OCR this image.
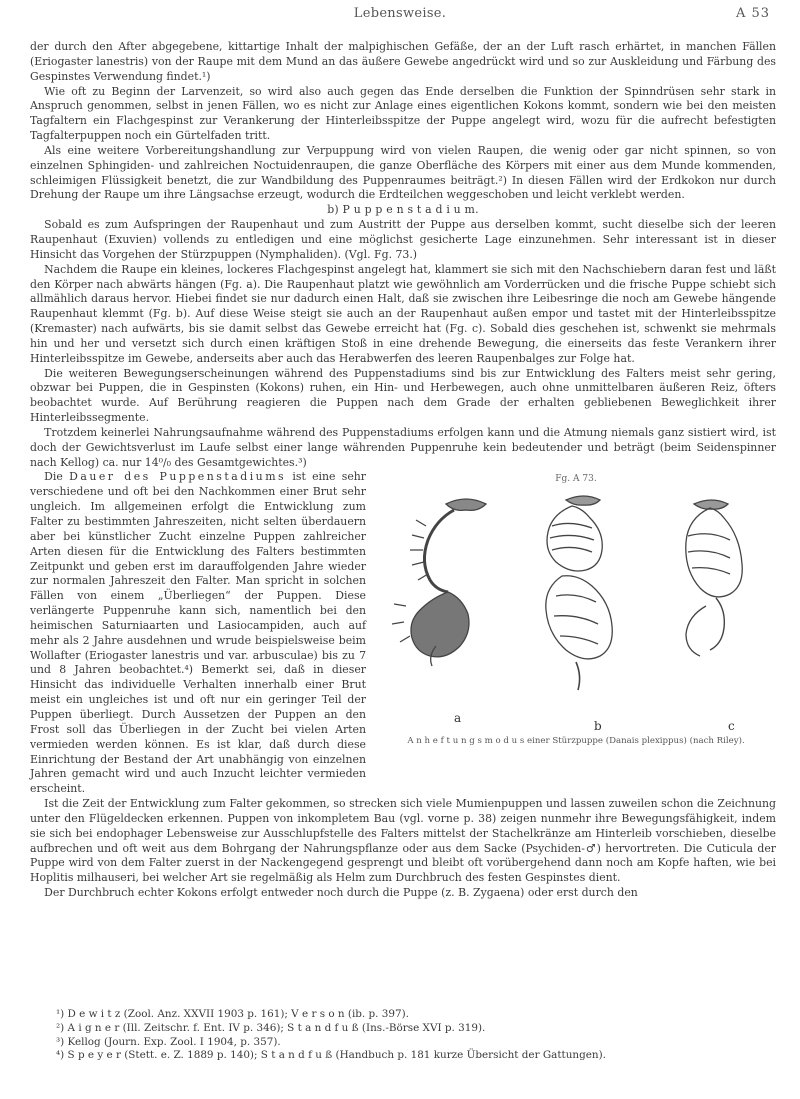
Lebensweise.	A 53

der durch den After abgegebene, kittartige Inhalt der malpighischen Gefäße, der an der Luft rasch erhärtet, in manchen Fällen (Eriogaster lanestris) von der Raupe mit dem Mund an das äußere Gewebe angedrückt wird und so zur Auskleidung und Färbung des Gespinstes Verwendung findet.¹)

Wie oft zu Beginn der Larvenzeit, so wird also auch gegen das Ende derselben die Funktion der Spinndrüsen sehr stark in Anspruch genommen, selbst in jenen Fällen, wo es nicht zur Anlage eines eigentlichen Kokons kommt, sondern wie bei den meisten Tagfaltern ein Flachgespinst zur Verankerung der Hinterleibsspitze der Puppe angelegt wird, wozu für die aufrecht befestigten Tagfalterpuppen noch ein Gürtelfaden tritt.

Als eine weitere Vorbereitungshandlung zur Verpuppung wird von vielen Raupen, die wenig oder gar nicht spinnen, so von einzelnen Sphingiden- und zahlreichen Noctuidenraupen, die ganze Oberfläche des Körpers mit einer aus dem Munde kommenden, schleimigen Flüssigkeit benetzt, die zur Wandbildung des Puppenraumes beiträgt.²) In diesen Fällen wird der Erdkokon nur durch Drehung der Raupe um ihre Längsachse erzeugt, wodurch die Erdteilchen weggeschoben und leicht verklebt werden.

b) P u p p e n s t a d i u m.

Sobald es zum Aufspringen der Raupenhaut und zum Austritt der Puppe aus derselben kommt, sucht dieselbe sich der leeren Raupenhaut (Exuvien) vollends zu entledigen und eine möglichst gesicherte Lage einzunehmen. Sehr interessant ist in dieser Hinsicht das Vorgehen der Stürzpuppen (Nymphaliden). (Vgl. Fg. 73.)

Nachdem die Raupe ein kleines, lockeres Flachgespinst angelegt hat, klammert sie sich mit den Nachschiebern daran fest und läßt den Körper nach abwärts hängen (Fg. a). Die Raupenhaut platzt wie gewöhnlich am Vorderrücken und die frische Puppe schiebt sich allmählich daraus hervor. Hiebei findet sie nur dadurch einen Halt, daß sie zwischen ihre Leibesringe die noch am Gewebe hängende Raupenhaut klemmt (Fg. b). Auf diese Weise steigt sie auch an der Raupenhaut außen empor und tastet mit der Hinterleibsspitze (Kremaster) nach aufwärts, bis sie damit selbst das Gewebe erreicht hat (Fg. c). Sobald dies geschehen ist, schwenkt sie mehrmals hin und her und versetzt sich durch einen kräftigen Stoß in eine drehende Bewegung, die einerseits das feste Verankern ihrer Hinterleibsspitze im Gewebe, anderseits aber auch das Herabwerfen des leeren Raupenbalges zur Folge hat.

Die weiteren Bewegungserscheinungen während des Puppenstadiums sind bis zur Entwicklung des Falters meist sehr gering, obzwar bei Puppen, die in Gespinsten (Kokons) ruhen, ein Hin- und Herbewegen, auch ohne unmittelbaren äußeren Reiz, öfters beobachtet wurde. Auf Berührung reagieren die Puppen nach dem Grade der erhalten gebliebenen Beweglichkeit ihrer Hinterleibssegmente.

Trotzdem keinerlei Nahrungsaufnahme während des Puppenstadiums erfolgen kann und die Atmung niemals ganz sistiert wird, ist doch der Gewichtsverlust im Laufe selbst einer lange währenden Puppenruhe kein bedeutender und beträgt (beim Seidenspinner nach Kellog) ca. nur 14⁰/₀ des Gesamtgewichtes.³)

Fg. A 73.
a
b	c
A n h e f t u n g s m o d u s einer Stürzpuppe (Danais plexippus) (nach Riley).

Die Dauer des Puppenstadiums ist eine sehr verschiedene und oft bei den Nachkommen einer Brut sehr ungleich. Im allgemeinen erfolgt die Entwicklung zum Falter zu bestimmten Jahreszeiten, nicht selten überdauern aber bei künstlicher Zucht einzelne Puppen zahlreicher Arten diesen für die Entwicklung des Falters bestimmten Zeitpunkt und geben erst im darauffolgenden Jahre wieder zur normalen Jahreszeit den Falter. Man spricht in solchen Fällen von einem „Überliegen“ der Puppen. Diese verlängerte Puppenruhe kann sich, namentlich bei den heimischen Saturniaarten und Lasiocampiden, auch auf mehr als 2 Jahre ausdehnen und wrude beispielsweise beim Wollafter (Eriogaster lanestris und var. arbusculae) bis zu 7 und 8 Jahren beobachtet.⁴) Bemerkt sei, daß in dieser Hinsicht das individuelle Verhalten innerhalb einer Brut meist ein ungleiches ist und oft nur ein geringer Teil der Puppen überliegt. Durch Aussetzen der Puppen an den Frost soll das Überliegen in der Zucht bei vielen Arten vermieden werden können. Es ist klar, daß durch diese Einrichtung der Bestand der Art unabhängig von einzelnen Jahren gemacht wird und auch Inzucht leichter vermieden erscheint.

Ist die Zeit der Entwicklung zum Falter gekommen, so strecken sich viele Mumienpuppen und lassen zuweilen schon die Zeichnung unter den Flügeldecken erkennen. Puppen von inkompletem Bau (vgl. vorne p. 38) zeigen nunmehr ihre Bewegungsfähigkeit, indem sie sich bei endophager Lebensweise zur Ausschlupfstelle des Falters mittelst der Stachelkränze am Hinterleib vorschieben, dieselbe aufbrechen und oft weit aus dem Bohrgang der Nahrungspflanze oder aus dem Sacke (Psychiden-♂) hervortreten. Die Cuticula der Puppe wird von dem Falter zuerst in der Nackengegend gesprengt und bleibt oft vorübergehend dann noch am Kopfe haften, wie bei Hoplitis milhauseri, bei welcher Art sie regelmäßig als Helm zum Durchbruch des festen Gespinstes dient.

Der Durchbruch echter Kokons erfolgt entweder noch durch die Puppe (z. B. Zygaena) oder erst durch den

¹) D e w i t z (Zool. Anz. XXVII 1903 p. 161); V e r s o n (ib. p. 397).

²) A i g n e r (Ill. Zeitschr. f. Ent. IV p. 346); S t a n d f u ß (Ins.-Börse XVI p. 319).

³) Kellog (Journ. Exp. Zool. I 1904, p. 357).

⁴) S p e y e r (Stett. e. Z. 1889 p. 140); S t a n d f u ß (Handbuch p. 181 kurze Übersicht der Gattungen).
